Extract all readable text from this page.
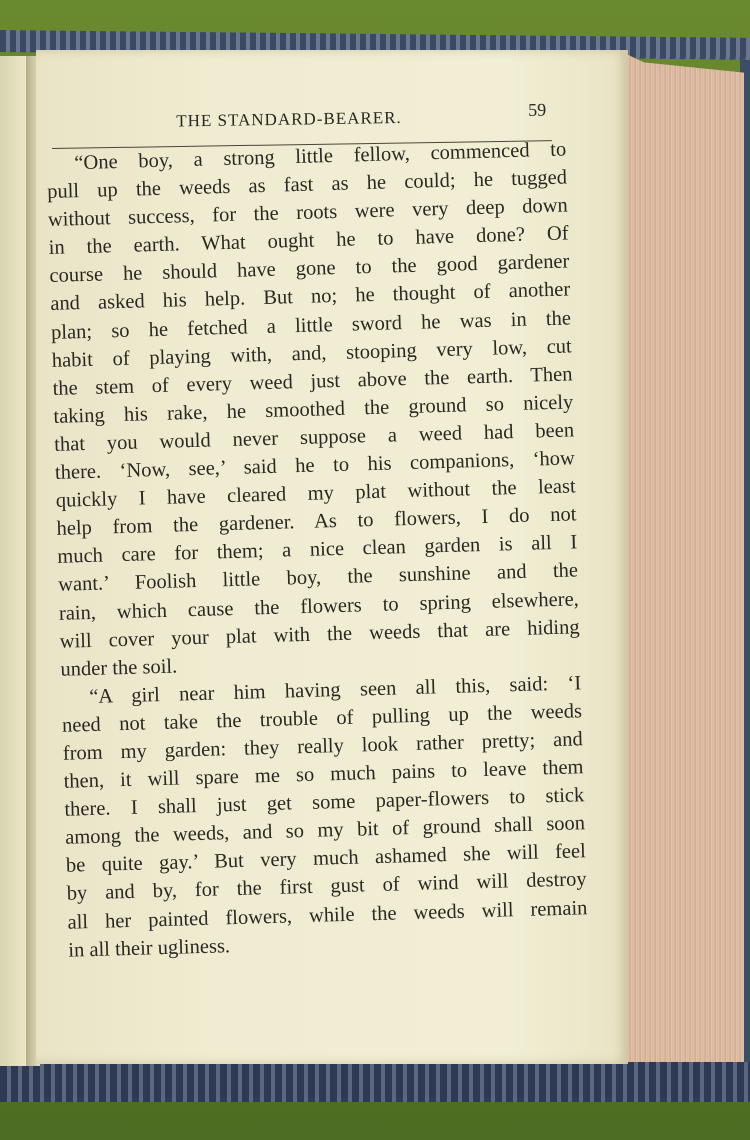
THE STANDARD-BEARER.	59
“One boy, a strong little fellow, commenced to
pull up the weeds as fast as he could; he tugged
without success, for the roots were very deep down
in the earth. What ought he to have done? Of
course he should have gone to the good gardener
and asked his help. But no; he thought of another
plan; so he fetched a little sword he was in the
habit of playing with, and, stooping very low, cut
the stem of every weed just above the earth. Then
taking his rake, he smoothed the ground so nicely
that you would never suppose a weed had been
there. ‘Now, see,’ said he to his companions, ‘how
quickly I have cleared my plat without the least
help from the gardener. As to flowers, I do not
much care for them; a nice clean garden is all I
want.’ Foolish little boy, the sunshine and the
rain, which cause the flowers to spring elsewhere,
will cover your plat with the weeds that are hiding
under the soil.
“A girl near him having seen all this, said: ‘I
need not take the trouble of pulling up the weeds
from my garden: they really look rather pretty; and
then, it will spare me so much pains to leave them
there. I shall just get some paper-flowers to stick
among the weeds, and so my bit of ground shall soon
be quite gay.’ But very much ashamed she will feel
by and by, for the first gust of wind will destroy
all her painted flowers, while the weeds will remain
in all their ugliness.
